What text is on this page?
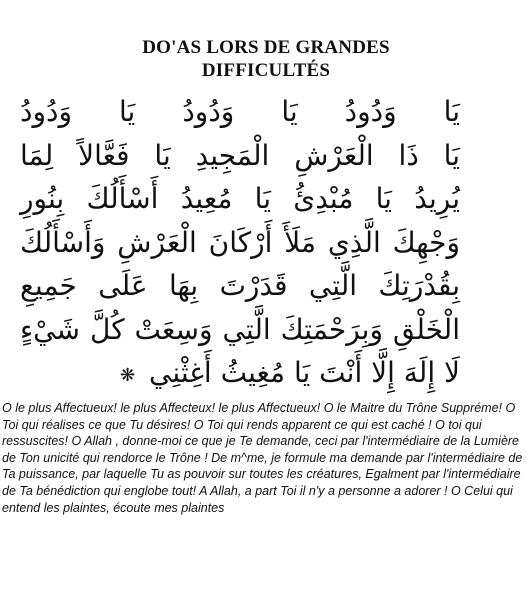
DO'AS LORS DE GRANDES
DIFFICULTÉS
يَا وَدُودُ يَا وَدُودُ يَا وَدُودُ
يَا ذَا الْعَرْشِ الْمَجِيدِ يَا فَعَّالاً لِمَا
يُرِيدُ يَا مُبْدِئُ يَا مُعِيدُ أَسْأَلُكَ بِنُورِ
وَجْهِكَ الَّذِي مَلَأَ أَرْكَانَ الْعَرْشِ وَأَسْأَلُكَ
بِقُدْرَتِكَ الَّتِي قَدَرْتَ بِهَا عَلَى جَمِيعِ
الْخَلْقِ وَبِرَحْمَتِكَ الَّتِي وَسِعَتْ كُلَّ شَيْءٍ
لَا إِلَهَ إِلَّا أَنْتَ يَا مُغِيثُ أَغِثْنِي
❋
O le plus Affectueux! le plus Affecteux! le plus Affectueux! O le Maitre du Trône Suppréme! O Toi qui réalises ce que Tu désires! O Toi qui rends apparent ce qui est caché ! O toi qui ressuscites! O Allah , donne-moi ce que je Te demande, ceci par l'intermédiaire de la Lumière de Ton unicité qui rendorce le Trône ! De m^me, je formule ma demande par l'intermédiaire de Ta puissance, par laquelle Tu as pouvoir sur toutes les créatures, Egalment par l'intermédiaire de Ta bénédiction qui englobe tout! A Allah, a part Toi il n'y a personne a adorer ! O Celui qui entend les plaintes, écoute mes plaintes
